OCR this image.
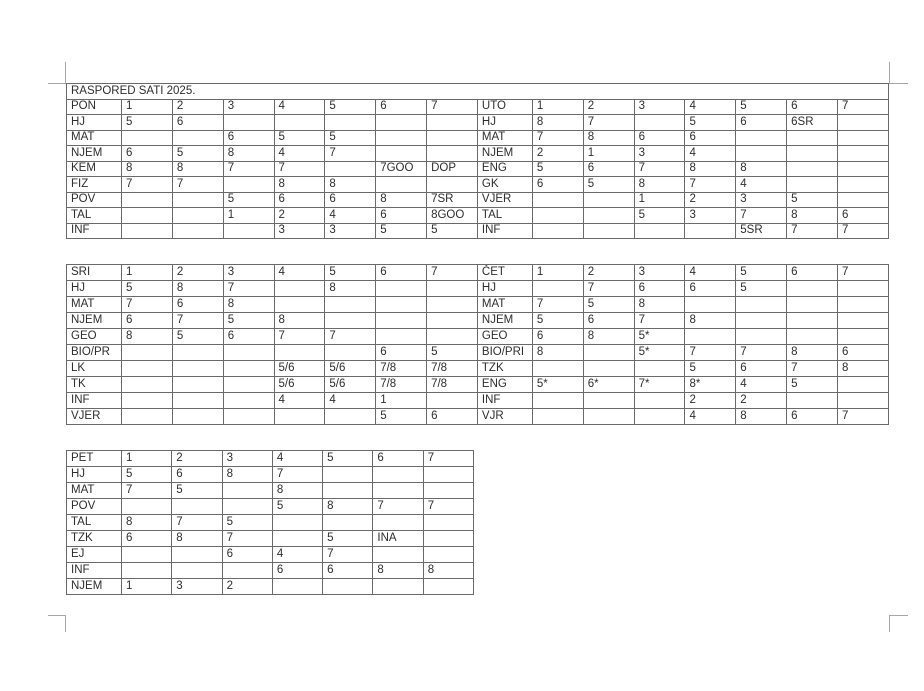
RASPORED SATI 2025.															
PON	1	2	3	4	5	6	7	UTO	1	2	3	4	5	6	7
HJ	5	6						HJ	8	7		5	6	6SR	
MAT			6	5	5			MAT	7	8	6	6			
NJEM	6	5	8	4	7			NJEM	2	1	3	4			
KEM	8	8	7	7		7GOO	DOP	ENG	5	6	7	8	8		
FIZ	7	7		8	8			GK	6	5	8	7	4		
POV			5	6	6	8	7SR	VJER			1	2	3	5	
TAL			1	2	4	6	8GOO	TAL			5	3	7	8	6
INF				3	3	5	5	INF					5SR	7	7
SRI	1	2	3	4	5	6	7	ČET	1	2	3	4	5	6	7
HJ	5	8	7		8			HJ		7	6	6	5		
MAT	7	6	8					MAT	7	5	8				
NJEM	6	7	5	8				NJEM	5	6	7	8			
GEO	8	5	6	7	7			GEO	6	8	5*				
BIO/PR						6	5	BIO/PRI	8		5*	7	7	8	6
LK				5/6	5/6	7/8	7/8	TZK				5	6	7	8
TK				5/6	5/6	7/8	7/8	ENG	5*	6*	7*	8*	4	5	
INF				4	4	1		INF				2	2		
VJER						5	6	VJR				4	8	6	7
PET	1	2	3	4	5	6	7
HJ	5	6	8	7			
MAT	7	5		8			
POV				5	8	7	7
TAL	8	7	5				
TZK	6	8	7		5	INA	
EJ			6	4	7		
INF				6	6	8	8
NJEM	1	3	2				
